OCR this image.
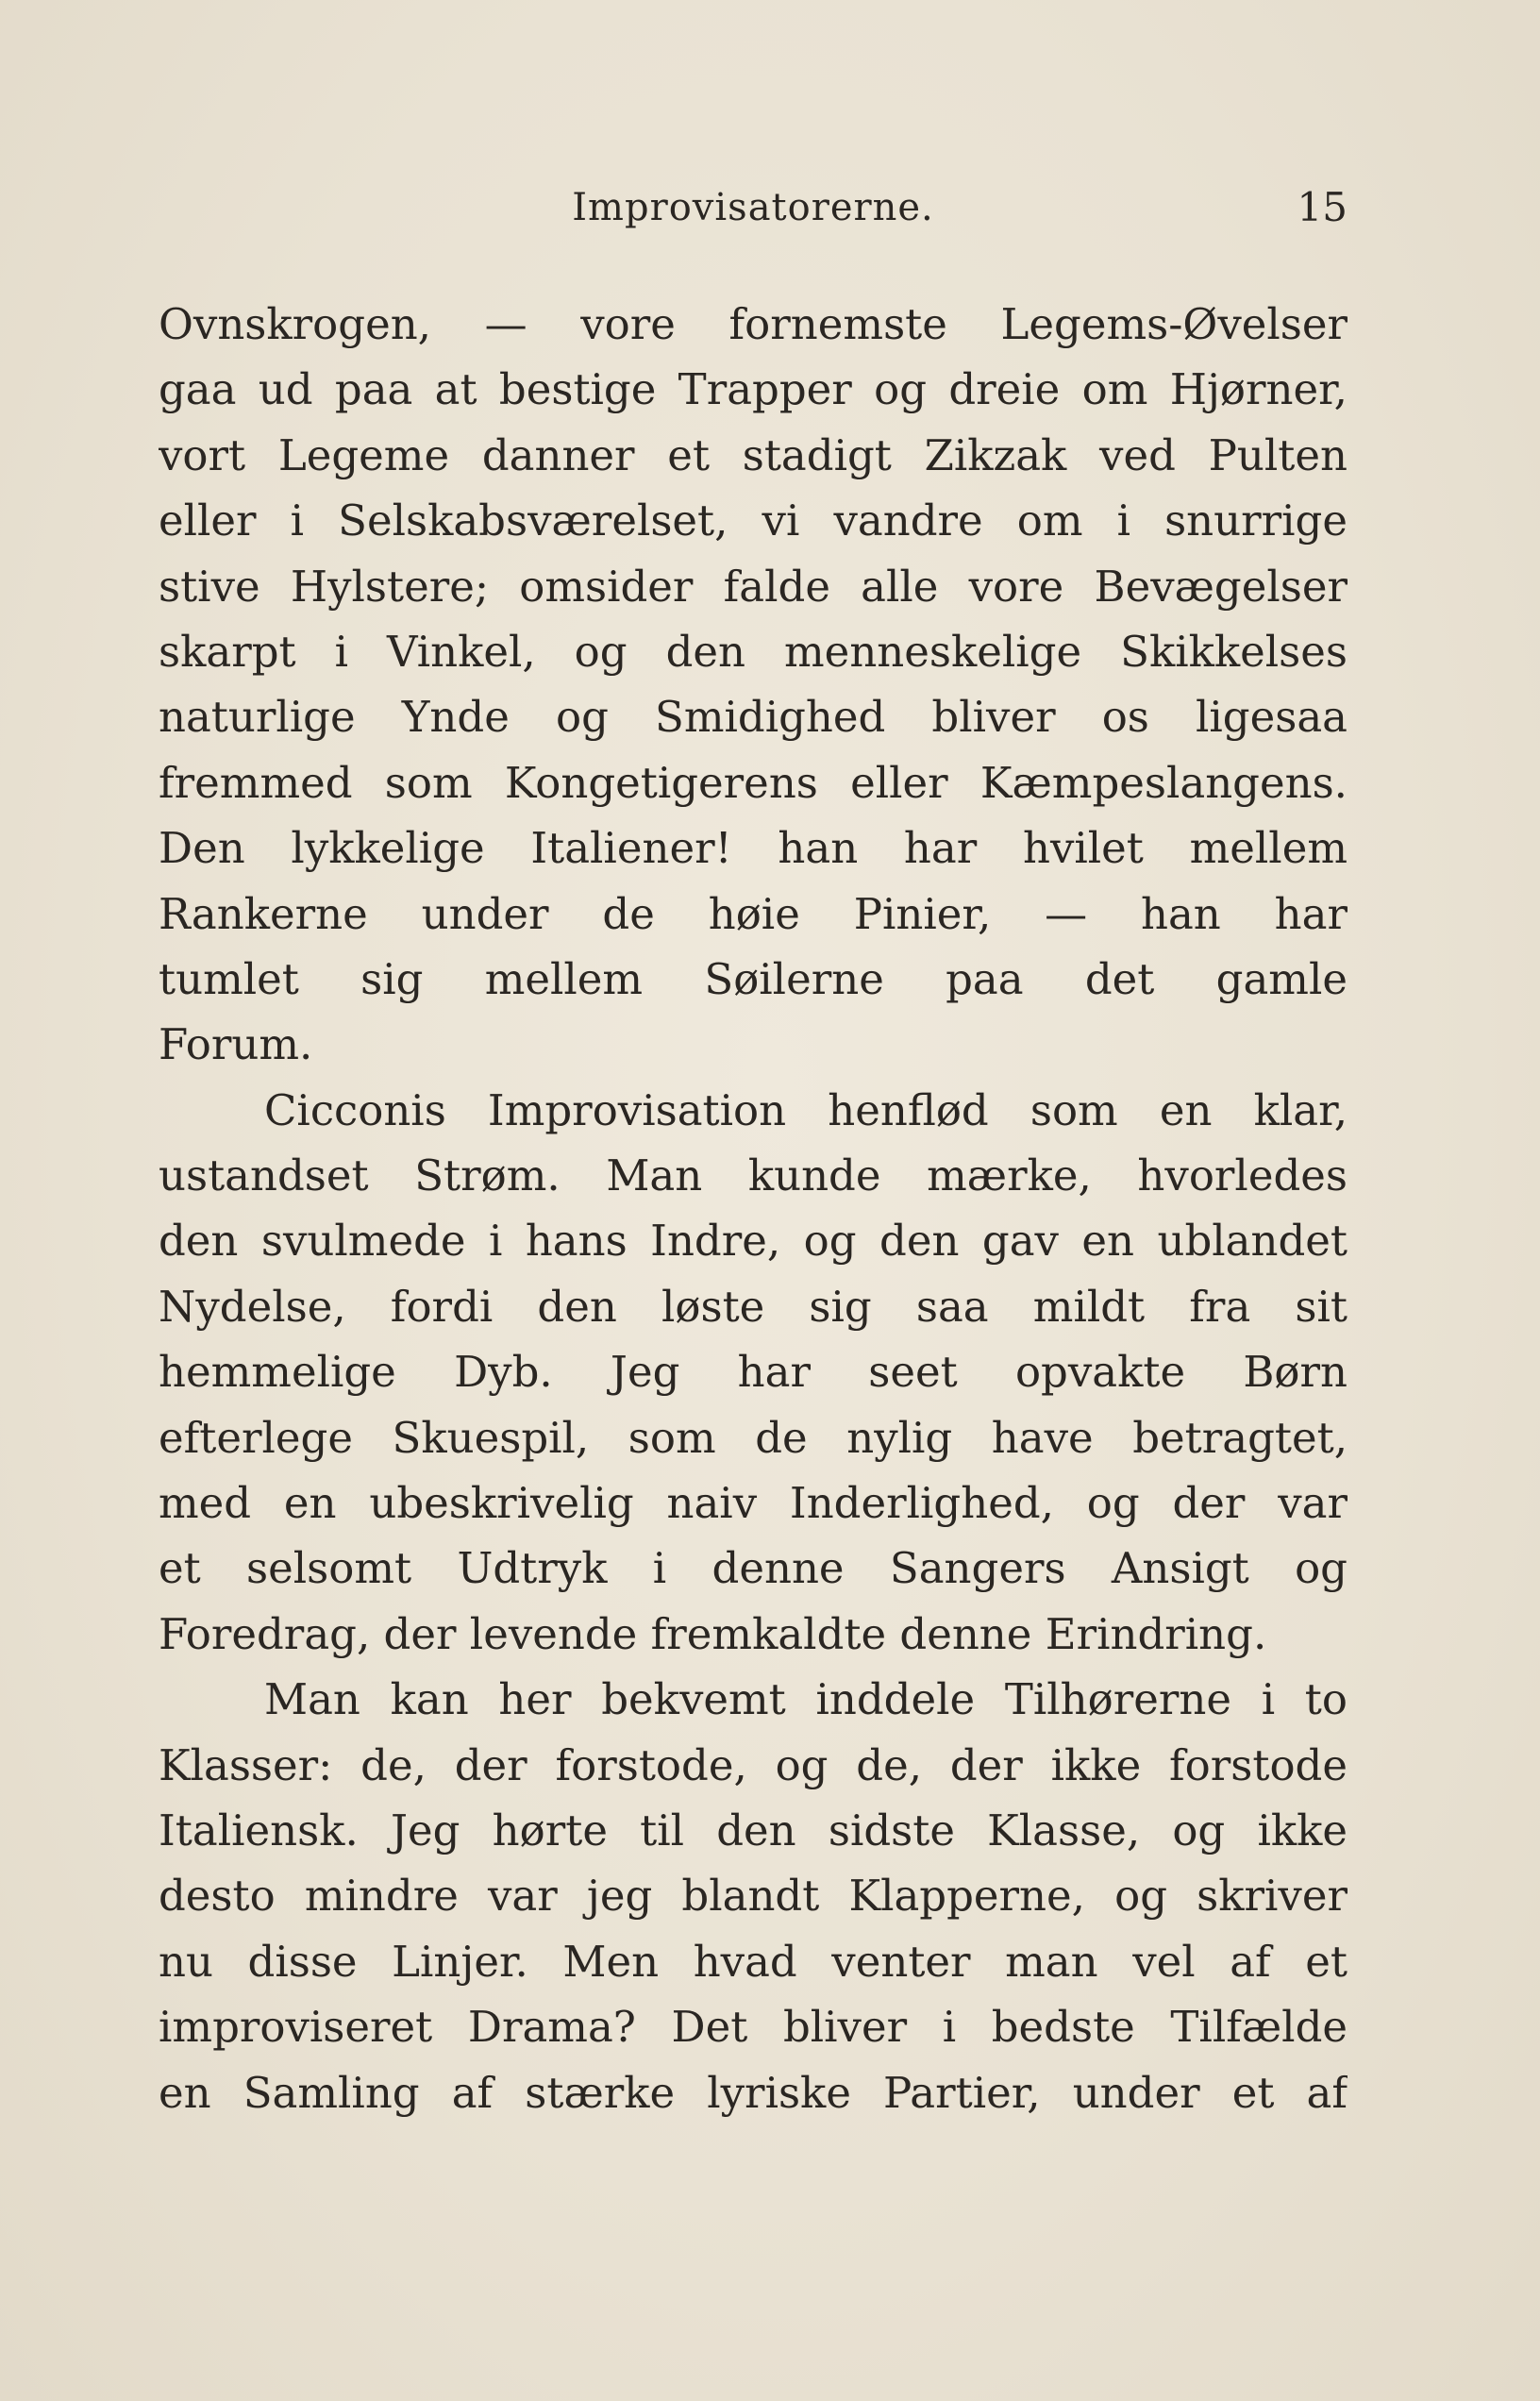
Improvisatorerne.	15
Ovnskrogen, — vore fornemste Legems-Øvelser
gaa ud paa at bestige Trapper og dreie om Hjørner,
vort Legeme danner et stadigt Zikzak ved Pulten
eller i Selskabsværelset, vi vandre om i snurrige
stive Hylstere; omsider falde alle vore Bevægelser
skarpt i Vinkel, og den menneskelige Skikkelses
naturlige Ynde og Smidighed bliver os ligesaa
fremmed som Kongetigerens eller Kæmpeslangens.
Den lykkelige Italiener! han har hvilet mellem
Rankerne under de høie Pinier, — han har
tumlet sig mellem Søilerne paa det gamle
Forum.
Cicconis Improvisation henflød som en klar,
ustandset Strøm. Man kunde mærke, hvorledes
den svulmede i hans Indre, og den gav en ublandet
Nydelse, fordi den løste sig saa mildt fra sit
hemmelige Dyb. Jeg har seet opvakte Børn
efterlege Skuespil, som de nylig have betragtet,
med en ubeskrivelig naiv Inderlighed, og der var
et selsomt Udtryk i denne Sangers Ansigt og
Foredrag, der levende fremkaldte denne Erindring.
Man kan her bekvemt inddele Tilhørerne i to
Klasser: de, der forstode, og de, der ikke forstode
Italiensk. Jeg hørte til den sidste Klasse, og ikke
desto mindre var jeg blandt Klapperne, og skriver
nu disse Linjer. Men hvad venter man vel af et
improviseret Drama? Det bliver i bedste Tilfælde
en Samling af stærke lyriske Partier, under et af
